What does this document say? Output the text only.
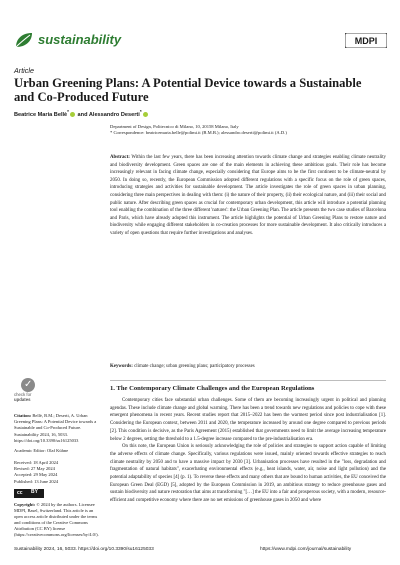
sustainability	MDPI
Article
Urban Greening Plans: A Potential Device towards a Sustainable and Co-Produced Future
Beatrice Maria Bellè* and Alessandro Deserti*
Department of Design, Politecnico di Milano, 10, 20158 Milano, Italy
* Correspondence: beatricemaria.belle@polimi.it (B.M.B.); alessandro.deserti@polimi.it (A.D.)
Abstract: Within the last few years, there has been increasing attention towards climate change and strategies enabling climate neutrality and biodiversity development. Green spaces are one of the main elements in achieving these ambitious goals. Their role has become increasingly relevant in facing climate change, especially considering that Europe aims to be the first continent to be climate-neutral by 2050. In doing so, recently, the European Commission adopted different regulations with a specific focus on the role of green spaces, introducing strategies and activities for sustainable development. The article investigates the role of green spaces in urban planning, considering three main perspectives in dealing with them: (i) the nature of their property, (ii) their ecological nature, and (iii) their social and public nature. After describing green spaces as crucial for contemporary urban development, this article will introduce a potential planning tool enabling the combination of the three different 'natures': the Urban Greening Plan. The article presents the two case studies of Barcelona and Paris, which have already adopted this instrument. The article highlights the potential of Urban Greening Plans to restore nature and biodiversity while engaging different stakeholders in co-creation processes for more sustainable development. It also critically introduces a variety of open questions that require further investigations and analyses.
Keywords: climate change; urban greening plans; participatory processes
✓
check for
updates
Citation: Bellè, B.M.; Deserti, A. Urban Greening Plans: A Potential Device towards a Sustainable and Co-Produced Future. Sustainability 2024, 16, 5033. https://doi.org/10.3390/su16125033
Academic Editor: Olaf Kühne
Received: 18 April 2024
Revised: 27 May 2024
Accepted: 29 May 2024
Published: 13 June 2024
cc BY
Copyright: © 2024 by the authors. Licensee MDPI, Basel, Switzerland. This article is an open access article distributed under the terms and conditions of the Creative Commons Attribution (CC BY) license (https://creativecommons.org/licenses/by/4.0/).
1. The Contemporary Climate Challenges and the European Regulations

Contemporary cities face substantial urban challenges. Some of them are becoming increasingly urgent in political and planning agendas. These include climate change and global warming. There has been a trend towards new regulations and policies to cope with these emergent phenomena in recent years. Recent studies report that 2015–2022 has been the warmest period since post industrialisation [1]. Considering the European context, between 2011 and 2020, the temperature increased by around one degree compared to previous periods [2]. This condition is decisive, as the Paris Agreement (2015) established that governments need to limit the average increasing temperature below 2 degrees, setting the threshold to a 1.5-degree increase compared to the pre-industrialisation era.

On this note, the European Union is seriously acknowledging the role of policies and strategies to support action capable of limiting the adverse effects of climate change. Specifically, various regulations were issued, mainly oriented towards effective strategies to reach climate neutrality by 2050 and to have a massive impact by 2030 [3]. Urbanisation processes have resulted in the "loss, degradation and fragmentation of natural habitats", exacerbating environmental effects (e.g., heat islands, water, air, noise and light pollution) and the potential adaptability of species [4] (p. 1). To reverse these effects and many others that are bound to human activities, the EU conceived the European Green Deal (EGD) [5], adopted by the European Commission in 2019, an ambitious strategy to reduce greenhouse gases and sustain biodiversity and nature restoration that aims at transforming "[…] the EU into a fair and prosperous society, with a modern, resource-efficient and competitive economy where there are no net emissions of greenhouse gases in 2050 and where

Sustainability 2024, 16, 5033. https://doi.org/10.3390/su16125033	https://www.mdpi.com/journal/sustainability
